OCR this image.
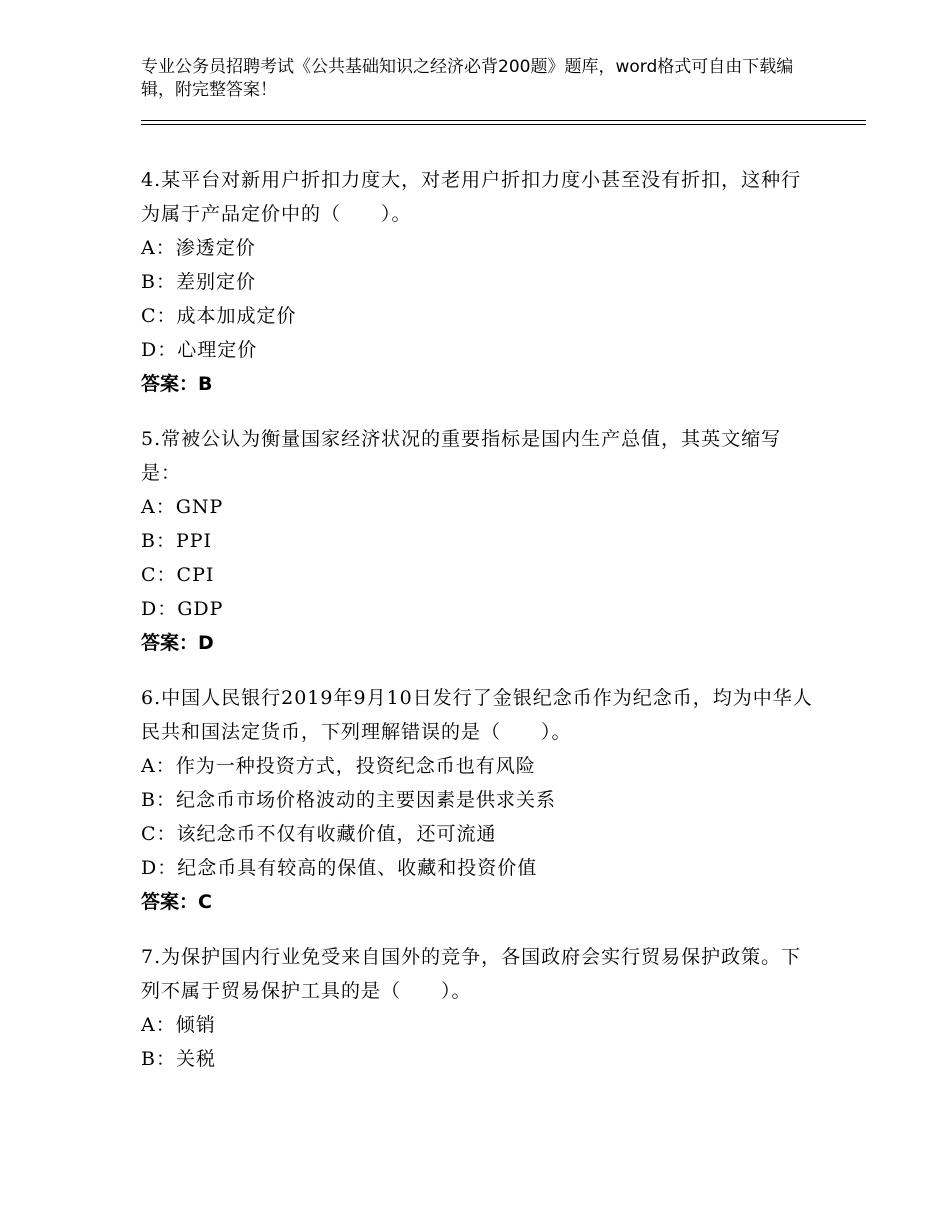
专业公务员招聘考试《公共基础知识之经济必背200题》题库，word格式可自由下载编辑，附完整答案！
4.某平台对新用户折扣力度大，对老用户折扣力度小甚至没有折扣，这种行为属于产品定价中的（　　）。
A：渗透定价
B：差别定价
C：成本加成定价
D：心理定价
答案：B
5.常被公认为衡量国家经济状况的重要指标是国内生产总值，其英文缩写是：
A：GNP
B：PPI
C：CPI
D：GDP
答案：D
6.中国人民银行2019年9月10日发行了金银纪念币作为纪念币，均为中华人民共和国法定货币，下列理解错误的是（　　）。
A：作为一种投资方式，投资纪念币也有风险
B：纪念币市场价格波动的主要因素是供求关系
C：该纪念币不仅有收藏价值，还可流通
D：纪念币具有较高的保值、收藏和投资价值
答案：C
7.为保护国内行业免受来自国外的竞争，各国政府会实行贸易保护政策。下列不属于贸易保护工具的是（　　）。
A：倾销
B：关税
